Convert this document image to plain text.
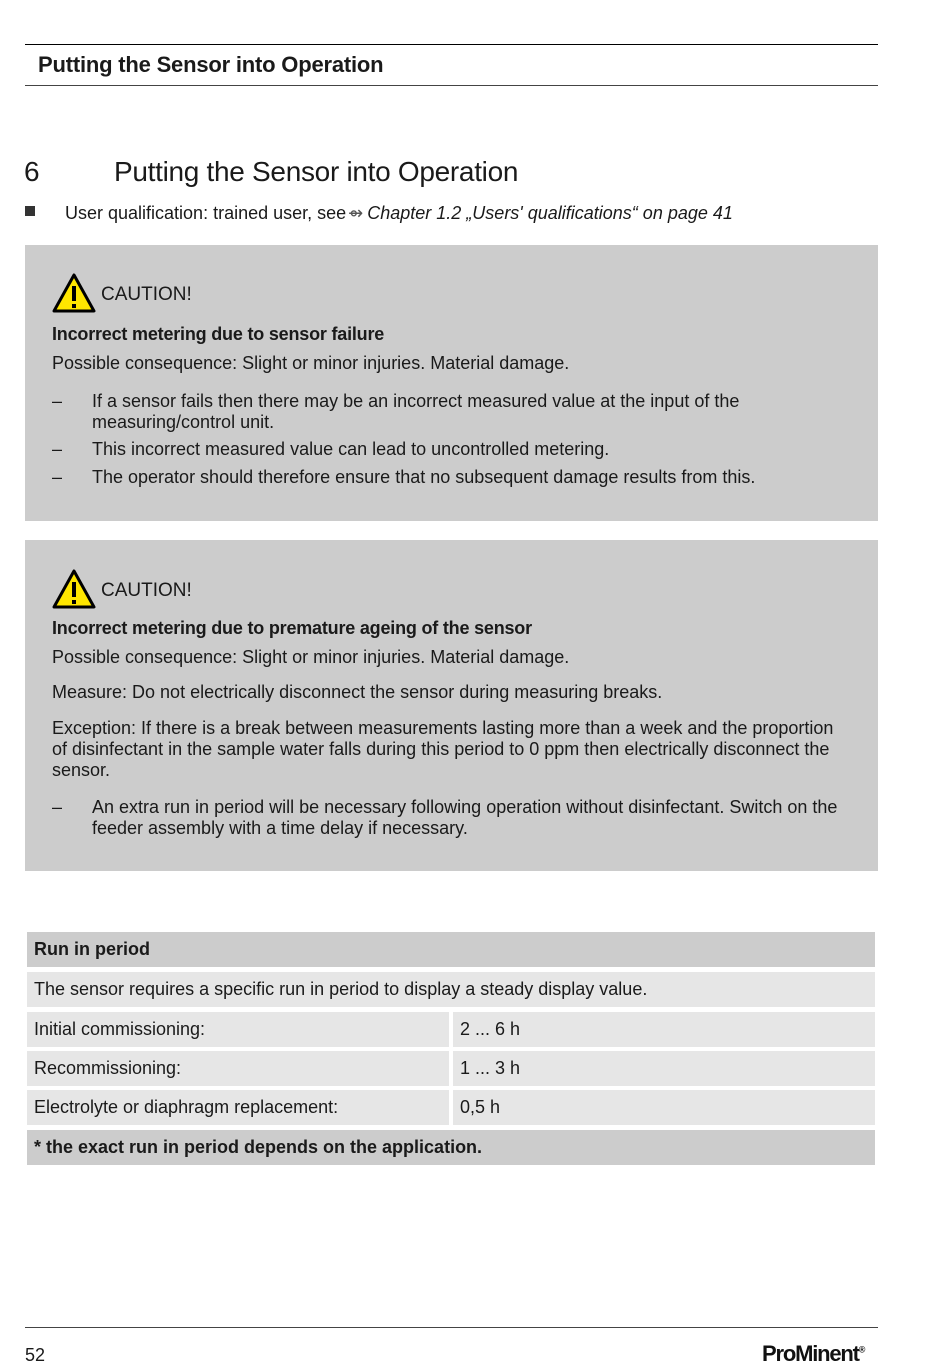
Putting the Sensor into Operation
6	Putting the Sensor into Operation
User qualification: trained user, see ⇴ Chapter 1.2 „Users' qualifications“ on page 41
CAUTION!

Incorrect metering due to sensor failure

Possible consequence: Slight or minor injuries. Material damage.

– If a sensor fails then there may be an incorrect measured value at the input of the measuring/control unit.
– This incorrect measured value can lead to uncontrolled metering.
– The operator should therefore ensure that no subsequent damage results from this.
CAUTION!

Incorrect metering due to premature ageing of the sensor

Possible consequence: Slight or minor injuries. Material damage.

Measure: Do not electrically disconnect the sensor during measuring breaks.

Exception: If there is a break between measurements lasting more than a week and the proportion of disinfectant in the sample water falls during this period to 0 ppm then electrically disconnect the sensor.

– An extra run in period will be necessary following operation without disinfectant. Switch on the feeder assembly with a time delay if necessary.
Run in period
The sensor requires a specific run in period to display a steady display value.
Initial commissioning:	2 ... 6 h
Recommissioning:	1 ... 3 h
Electrolyte or diaphragm replacement:	0,5 h
* the exact run in period depends on the application.
52	ProMinent®
